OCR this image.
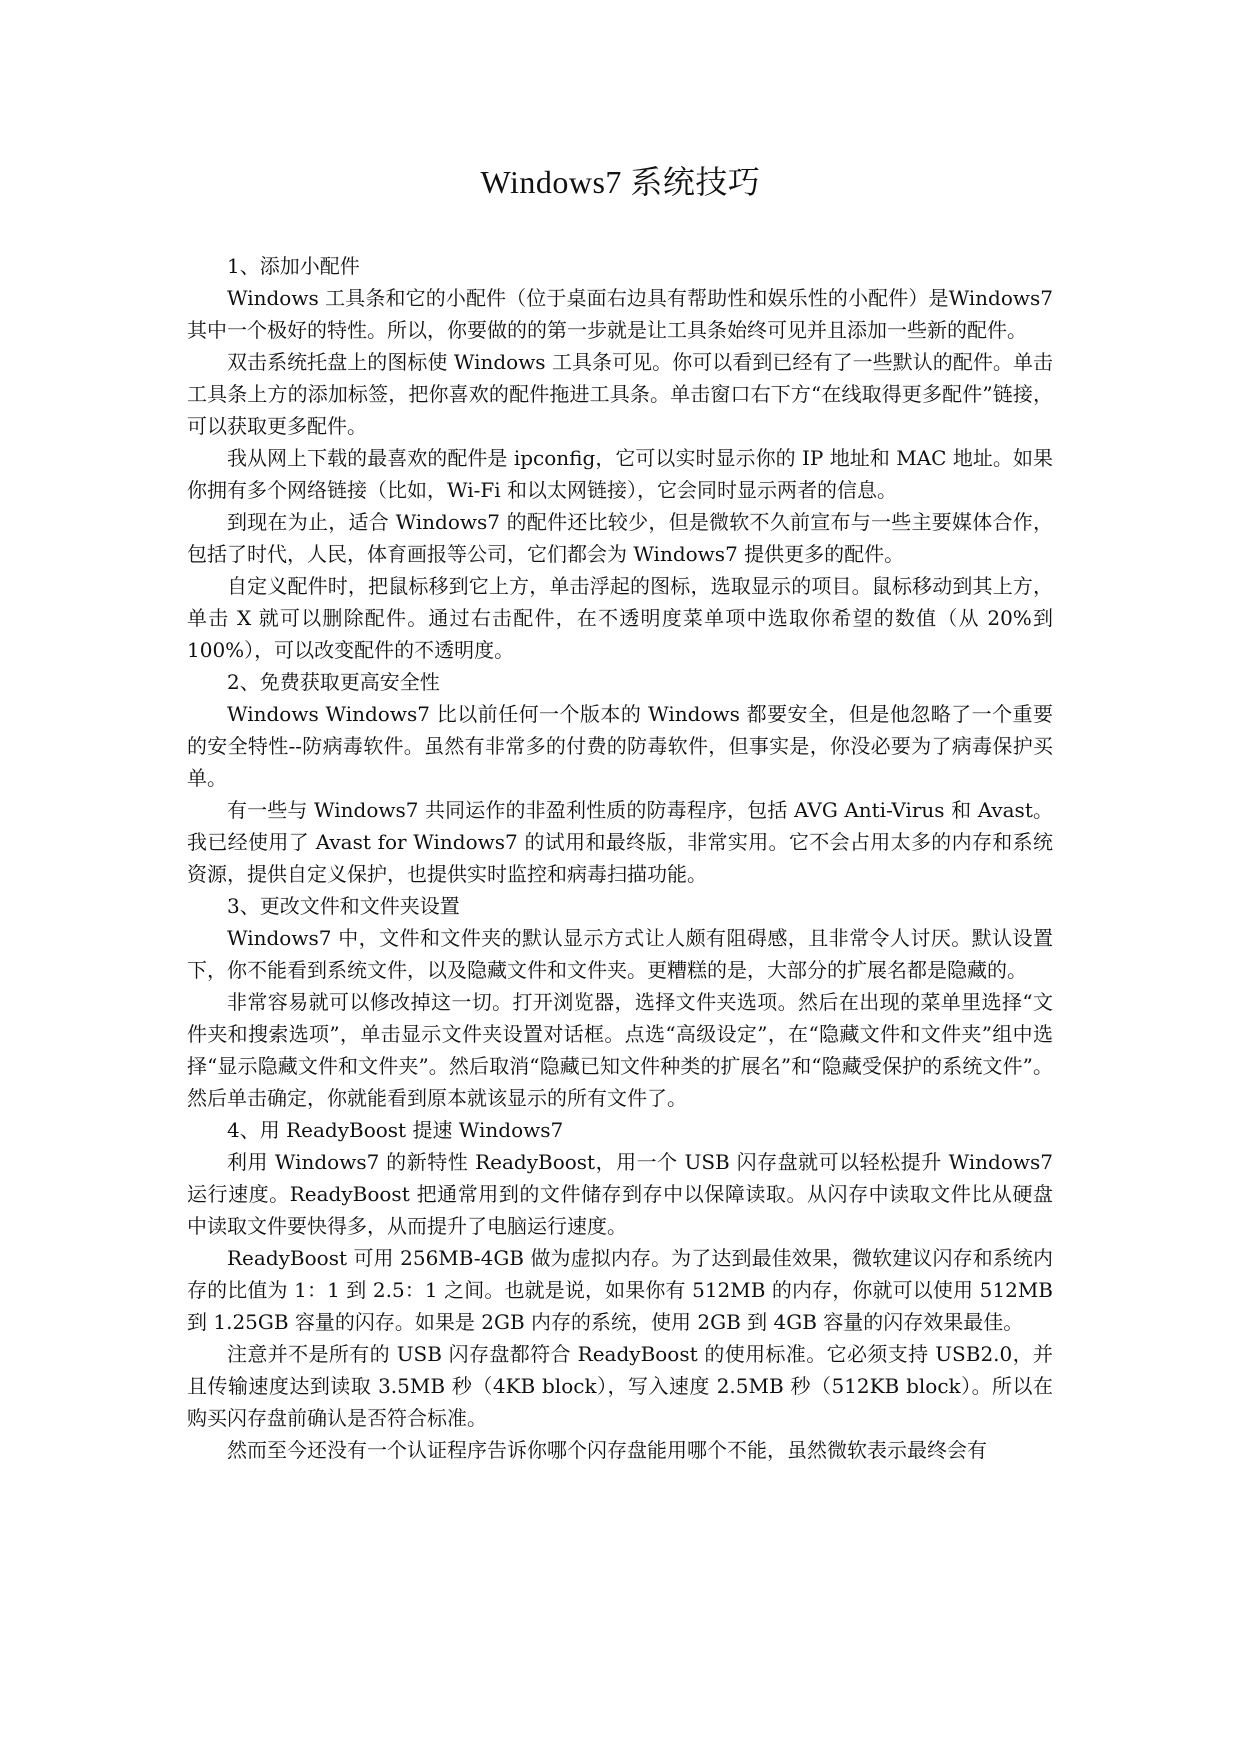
Windows7 系统技巧

1、添加小配件

Windows 工具条和它的小配件（位于桌面右边具有帮助性和娱乐性的小配件）是Windows7 其中一个极好的特性。所以，你要做的的第一步就是让工具条始终可见并且添加一些新的配件。

双击系统托盘上的图标使 Windows 工具条可见。你可以看到已经有了一些默认的配件。单击工具条上方的添加标签，把你喜欢的配件拖进工具条。单击窗口右下方“在线取得更多配件”链接，可以获取更多配件。

我从网上下载的最喜欢的配件是 ipconfig，它可以实时显示你的 IP 地址和 MAC 地址。如果你拥有多个网络链接（比如，Wi-Fi 和以太网链接），它会同时显示两者的信息。

到现在为止，适合 Windows7 的配件还比较少，但是微软不久前宣布与一些主要媒体合作，包括了时代，人民，体育画报等公司，它们都会为 Windows7 提供更多的配件。

自定义配件时，把鼠标移到它上方，单击浮起的图标，选取显示的项目。鼠标移动到其上方，单击 X 就可以删除配件。通过右击配件，在不透明度菜单项中选取你希望的数值（从 20%到 100%），可以改变配件的不透明度。

2、免费获取更高安全性

Windows Windows7 比以前任何一个版本的 Windows 都要安全，但是他忽略了一个重要的安全特性--防病毒软件。虽然有非常多的付费的防毒软件，但事实是，你没必要为了病毒保护买单。

有一些与 Windows7 共同运作的非盈利性质的防毒程序，包括 AVG Anti-Virus 和 Avast。我已经使用了 Avast for Windows7 的试用和最终版，非常实用。它不会占用太多的内存和系统资源，提供自定义保护，也提供实时监控和病毒扫描功能。

3、更改文件和文件夹设置

Windows7 中，文件和文件夹的默认显示方式让人颇有阻碍感，且非常令人讨厌。默认设置下，你不能看到系统文件，以及隐藏文件和文件夹。更糟糕的是，大部分的扩展名都是隐藏的。

非常容易就可以修改掉这一切。打开浏览器，选择文件夹选项。然后在出现的菜单里选择“文件夹和搜索选项”，单击显示文件夹设置对话框。点选“高级设定”，在“隐藏文件和文件夹”组中选择“显示隐藏文件和文件夹”。然后取消“隐藏已知文件种类的扩展名”和“隐藏受保护的系统文件”。然后单击确定，你就能看到原本就该显示的所有文件了。

4、用 ReadyBoost 提速 Windows7

利用 Windows7 的新特性 ReadyBoost，用一个 USB 闪存盘就可以轻松提升 Windows7 运行速度。ReadyBoost 把通常用到的文件储存到存中以保障读取。从闪存中读取文件比从硬盘中读取文件要快得多，从而提升了电脑运行速度。

ReadyBoost 可用 256MB-4GB 做为虚拟内存。为了达到最佳效果，微软建议闪存和系统内存的比值为 1：1 到 2.5：1 之间。也就是说，如果你有 512MB 的内存，你就可以使用 512MB 到 1.25GB 容量的闪存。如果是 2GB 内存的系统，使用 2GB 到 4GB 容量的闪存效果最佳。

注意并不是所有的 USB 闪存盘都符合 ReadyBoost 的使用标准。它必须支持 USB2.0，并且传输速度达到读取 3.5MB 秒（4KB block），写入速度 2.5MB 秒（512KB block）。所以在购买闪存盘前确认是否符合标准。

然而至今还没有一个认证程序告诉你哪个闪存盘能用哪个不能，虽然微软表示最终会有
